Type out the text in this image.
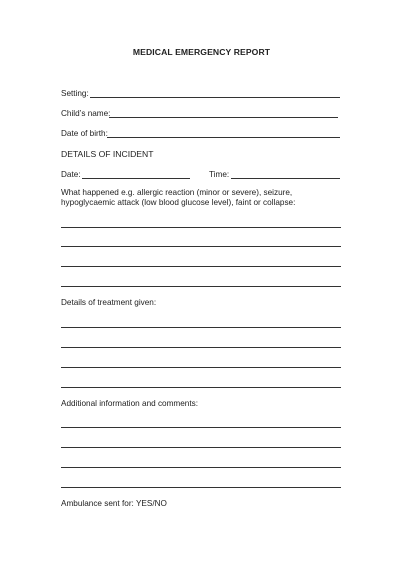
MEDICAL EMERGENCY REPORT
Setting:
Child’s name:
Date of birth:
DETAILS OF INCIDENT
Date:	Time:
What happened e.g. allergic reaction (minor or severe), seizure,
hypoglycaemic attack (low blood glucose level), faint or collapse:
Details of treatment given:
Additional information and comments:
Ambulance sent for: YES/NO
